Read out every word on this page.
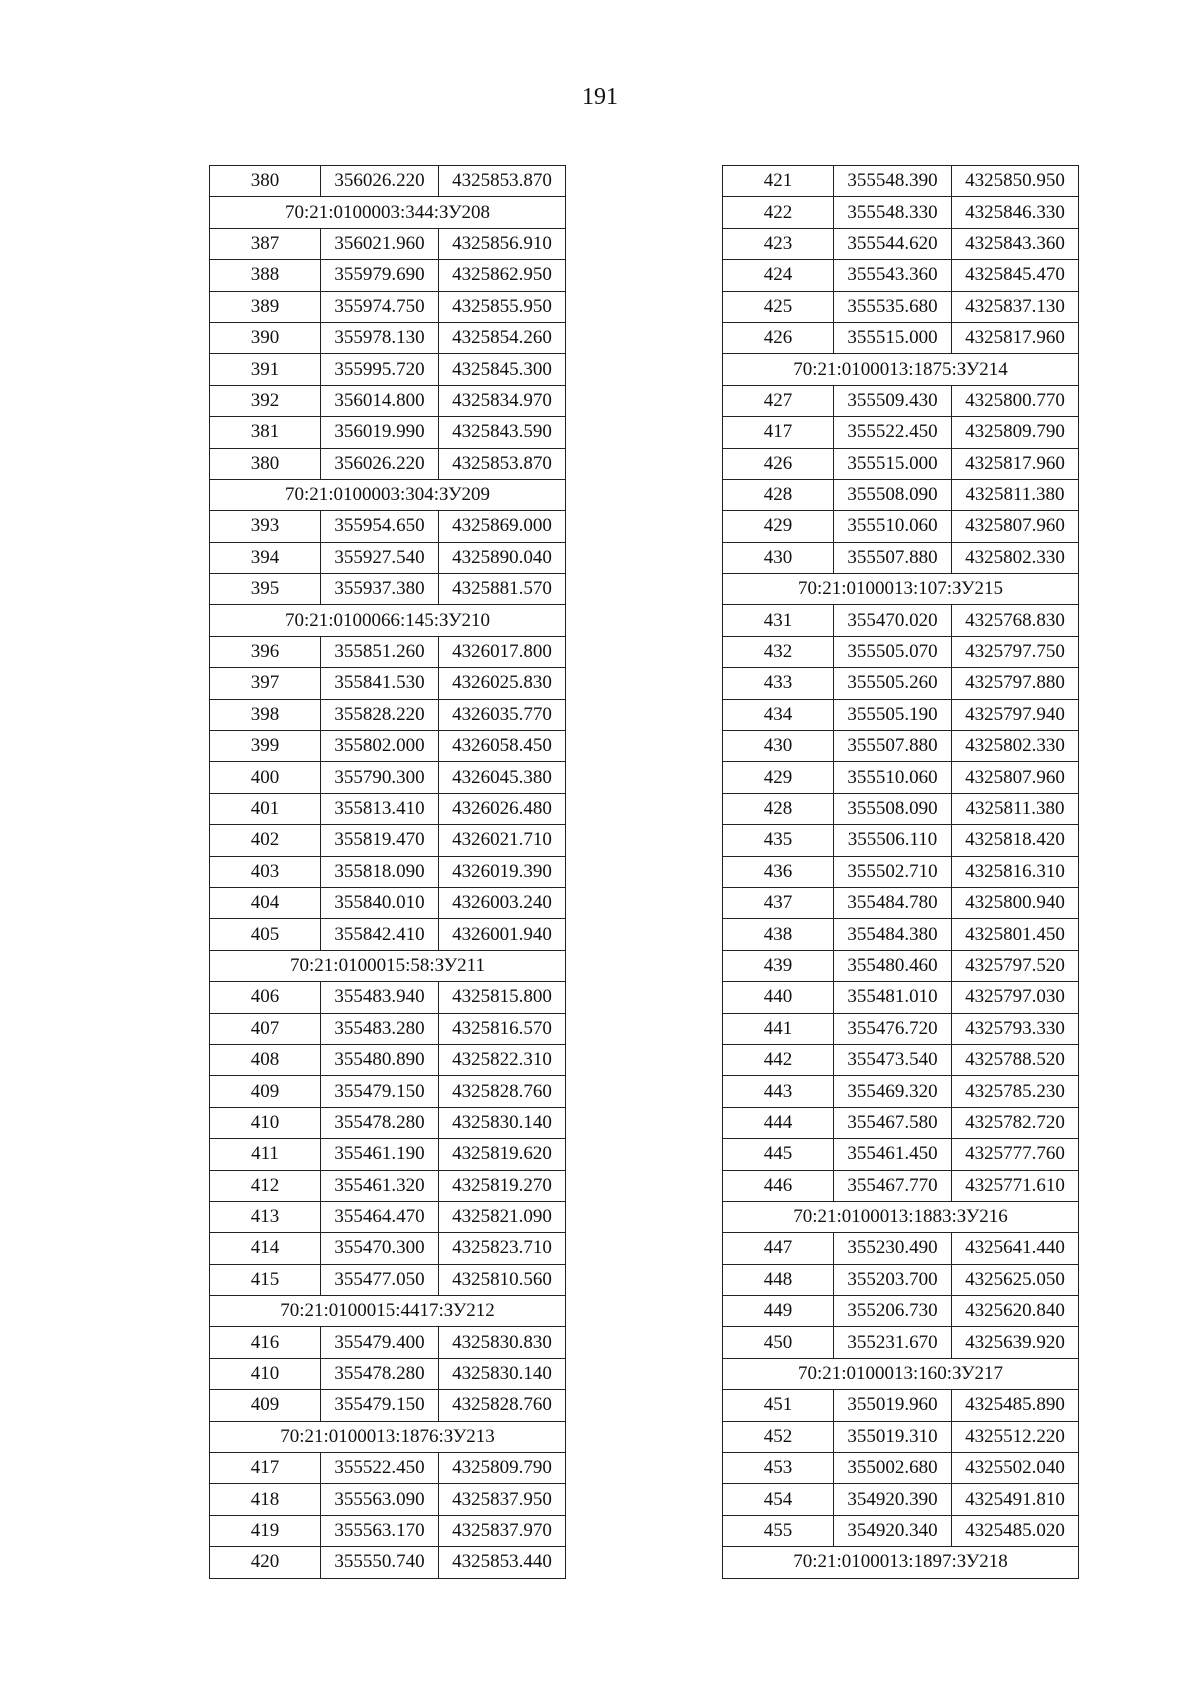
191
380	356026.220	4325853.870
70:21:0100003:344:ЗУ208		
387	356021.960	4325856.910
388	355979.690	4325862.950
389	355974.750	4325855.950
390	355978.130	4325854.260
391	355995.720	4325845.300
392	356014.800	4325834.970
381	356019.990	4325843.590
380	356026.220	4325853.870
70:21:0100003:304:ЗУ209		
393	355954.650	4325869.000
394	355927.540	4325890.040
395	355937.380	4325881.570
70:21:0100066:145:ЗУ210		
396	355851.260	4326017.800
397	355841.530	4326025.830
398	355828.220	4326035.770
399	355802.000	4326058.450
400	355790.300	4326045.380
401	355813.410	4326026.480
402	355819.470	4326021.710
403	355818.090	4326019.390
404	355840.010	4326003.240
405	355842.410	4326001.940
70:21:0100015:58:ЗУ211		
406	355483.940	4325815.800
407	355483.280	4325816.570
408	355480.890	4325822.310
409	355479.150	4325828.760
410	355478.280	4325830.140
411	355461.190	4325819.620
412	355461.320	4325819.270
413	355464.470	4325821.090
414	355470.300	4325823.710
415	355477.050	4325810.560
70:21:0100015:4417:ЗУ212		
416	355479.400	4325830.830
410	355478.280	4325830.140
409	355479.150	4325828.760
70:21:0100013:1876:ЗУ213		
417	355522.450	4325809.790
418	355563.090	4325837.950
419	355563.170	4325837.970
420	355550.740	4325853.440
421	355548.390	4325850.950
422	355548.330	4325846.330
423	355544.620	4325843.360
424	355543.360	4325845.470
425	355535.680	4325837.130
426	355515.000	4325817.960
70:21:0100013:1875:ЗУ214		
427	355509.430	4325800.770
417	355522.450	4325809.790
426	355515.000	4325817.960
428	355508.090	4325811.380
429	355510.060	4325807.960
430	355507.880	4325802.330
70:21:0100013:107:ЗУ215		
431	355470.020	4325768.830
432	355505.070	4325797.750
433	355505.260	4325797.880
434	355505.190	4325797.940
430	355507.880	4325802.330
429	355510.060	4325807.960
428	355508.090	4325811.380
435	355506.110	4325818.420
436	355502.710	4325816.310
437	355484.780	4325800.940
438	355484.380	4325801.450
439	355480.460	4325797.520
440	355481.010	4325797.030
441	355476.720	4325793.330
442	355473.540	4325788.520
443	355469.320	4325785.230
444	355467.580	4325782.720
445	355461.450	4325777.760
446	355467.770	4325771.610
70:21:0100013:1883:ЗУ216		
447	355230.490	4325641.440
448	355203.700	4325625.050
449	355206.730	4325620.840
450	355231.670	4325639.920
70:21:0100013:160:ЗУ217		
451	355019.960	4325485.890
452	355019.310	4325512.220
453	355002.680	4325502.040
454	354920.390	4325491.810
455	354920.340	4325485.020
70:21:0100013:1897:ЗУ218		
